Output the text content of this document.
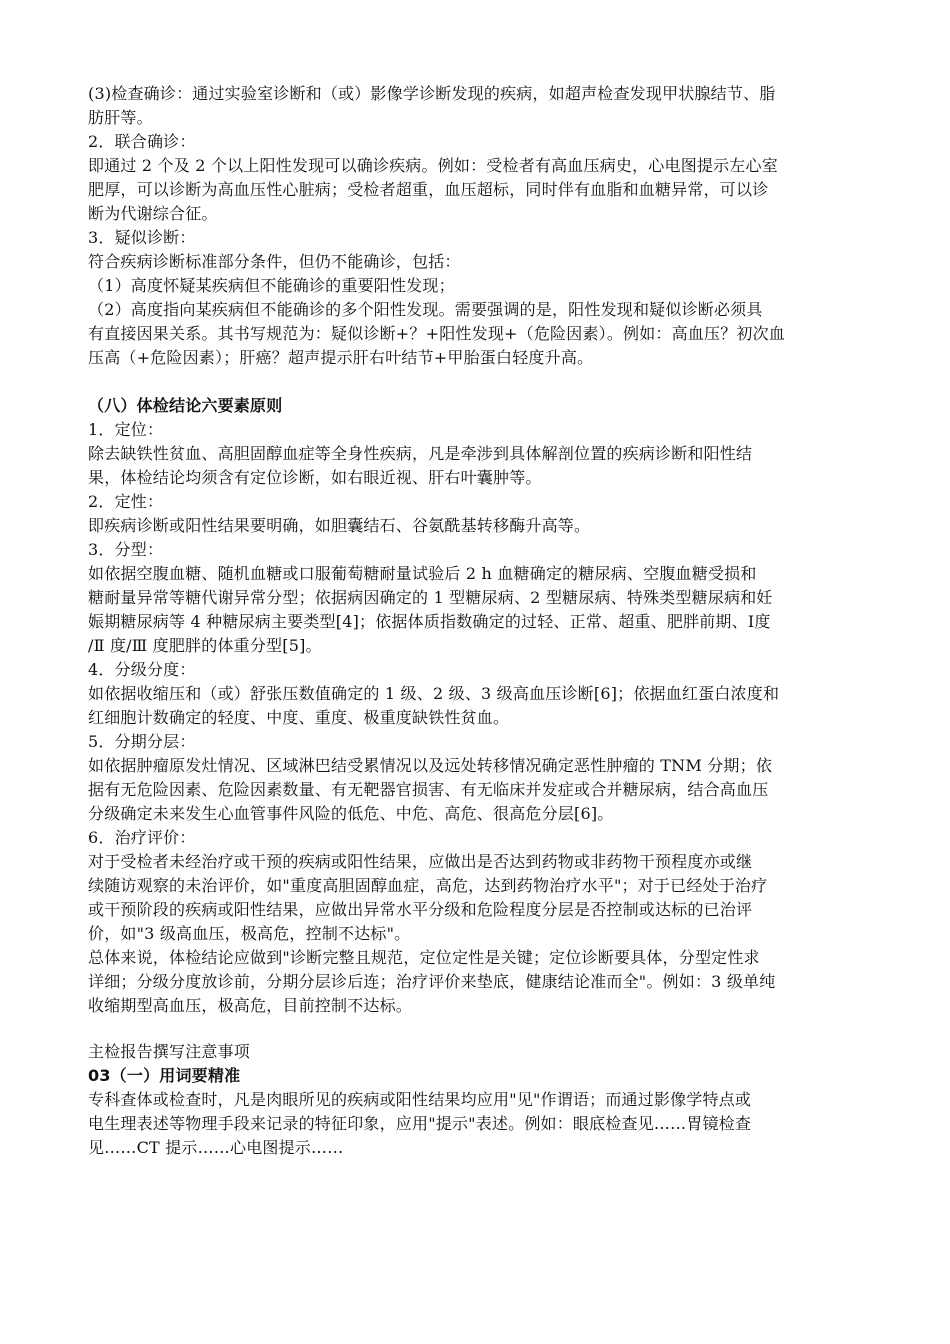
(3)检查确诊：通过实验室诊断和（或）影像学诊断发现的疾病，如超声检查发现甲状腺结节、脂
肪肝等。
2．联合确诊：
即通过 2 个及 2 个以上阳性发现可以确诊疾病。例如：受检者有高血压病史，心电图提示左心室
肥厚，可以诊断为高血压性心脏病；受检者超重，血压超标，同时伴有血脂和血糖异常，可以诊
断为代谢综合征。
3．疑似诊断：
符合疾病诊断标准部分条件，但仍不能确诊，包括：
（1）高度怀疑某疾病但不能确诊的重要阳性发现；
（2）高度指向某疾病但不能确诊的多个阳性发现。需要强调的是，阳性发现和疑似诊断必须具
有直接因果关系。其书写规范为：疑似诊断+？+阳性发现+（危险因素）。例如：高血压？初次血
压高（+危险因素）；肝癌？超声提示肝右叶结节+甲胎蛋白轻度升高。
（八）体检结论六要素原则
1．定位：
除去缺铁性贫血、高胆固醇血症等全身性疾病，凡是牵涉到具体解剖位置的疾病诊断和阳性结
果，体检结论均须含有定位诊断，如右眼近视、肝右叶囊肿等。
2．定性：
即疾病诊断或阳性结果要明确，如胆囊结石、谷氨酰基转移酶升高等。
3．分型：
如依据空腹血糖、随机血糖或口服葡萄糖耐量试验后 2 h 血糖确定的糖尿病、空腹血糖受损和
糖耐量异常等糖代谢异常分型；依据病因确定的 1 型糖尿病、2 型糖尿病、特殊类型糖尿病和妊
娠期糖尿病等 4 种糖尿病主要类型[4]；依据体质指数确定的过轻、正常、超重、肥胖前期、Ⅰ度
/Ⅱ 度/Ⅲ 度肥胖的体重分型[5]。
4．分级分度：
如依据收缩压和（或）舒张压数值确定的 1 级、2 级、3 级高血压诊断[6]；依据血红蛋白浓度和
红细胞计数确定的轻度、中度、重度、极重度缺铁性贫血。
5．分期分层：
如依据肿瘤原发灶情况、区域淋巴结受累情况以及远处转移情况确定恶性肿瘤的 TNM 分期；依
据有无危险因素、危险因素数量、有无靶器官损害、有无临床并发症或合并糖尿病，结合高血压
分级确定未来发生心血管事件风险的低危、中危、高危、很高危分层[6]。
6．治疗评价：
对于受检者未经治疗或干预的疾病或阳性结果，应做出是否达到药物或非药物干预程度亦或继
续随访观察的未治评价，如"重度高胆固醇血症，高危，达到药物治疗水平"；对于已经处于治疗
或干预阶段的疾病或阳性结果，应做出异常水平分级和危险程度分层是否控制或达标的已治评
价，如"3 级高血压，极高危，控制不达标"。
总体来说，体检结论应做到"诊断完整且规范，定位定性是关键；定位诊断要具体，分型定性求
详细；分级分度放诊前，分期分层诊后连；治疗评价来垫底，健康结论准而全"。例如：3 级单纯
收缩期型高血压，极高危，目前控制不达标。
主检报告撰写注意事项
03（一）用词要精准
专科查体或检查时，凡是肉眼所见的疾病或阳性结果均应用"见"作谓语；而通过影像学特点或
电生理表述等物理手段来记录的特征印象，应用"提示"表述。例如：眼底检查见……胃镜检查
见……CT 提示……心电图提示……
